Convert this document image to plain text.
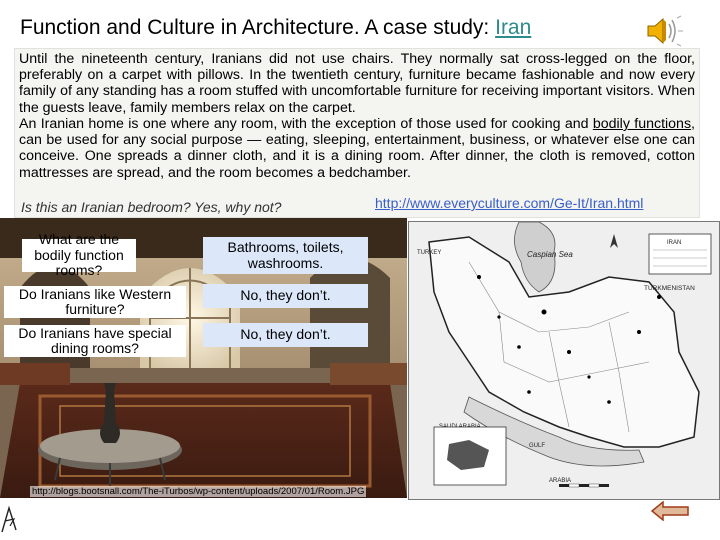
Function and Culture in Architecture. A case study: Iran

Until the nineteenth century, Iranians did not use chairs. They normally sat cross-legged on the floor, preferably on a carpet with pillows. In the twentieth century, furniture became fashionable and now every family of any standing has a room stuffed with uncomfortable furniture for receiving important visitors. When the guests leave, family members relax on the carpet.

An Iranian home is one where any room, with the exception of those used for cooking and bodily functions, can be used for any social purpose — eating, sleeping, entertainment, business, or whatever else one can conceive. One spreads a dinner cloth, and it is a dining room. After dinner, the cloth is removed, cotton mattresses are spread, and the room becomes a bedchamber.

Is this an Iranian bedroom? Yes, why not?	http://www.everyculture.com/Ge-It/Iran.html
What are the bodily function rooms?
Bathrooms, toilets, washrooms.
Do Iranians like Western furniture?
No, they don’t.
Do Iranians have special dining rooms?
No, they don’t.
http://blogs.bootsnall.com/The-iTurbos/wp-content/uploads/2007/01/Room.JPG
Caspian Sea
TURKEY
TURKMENISTAN
GULF
ARABIA
IRAN
